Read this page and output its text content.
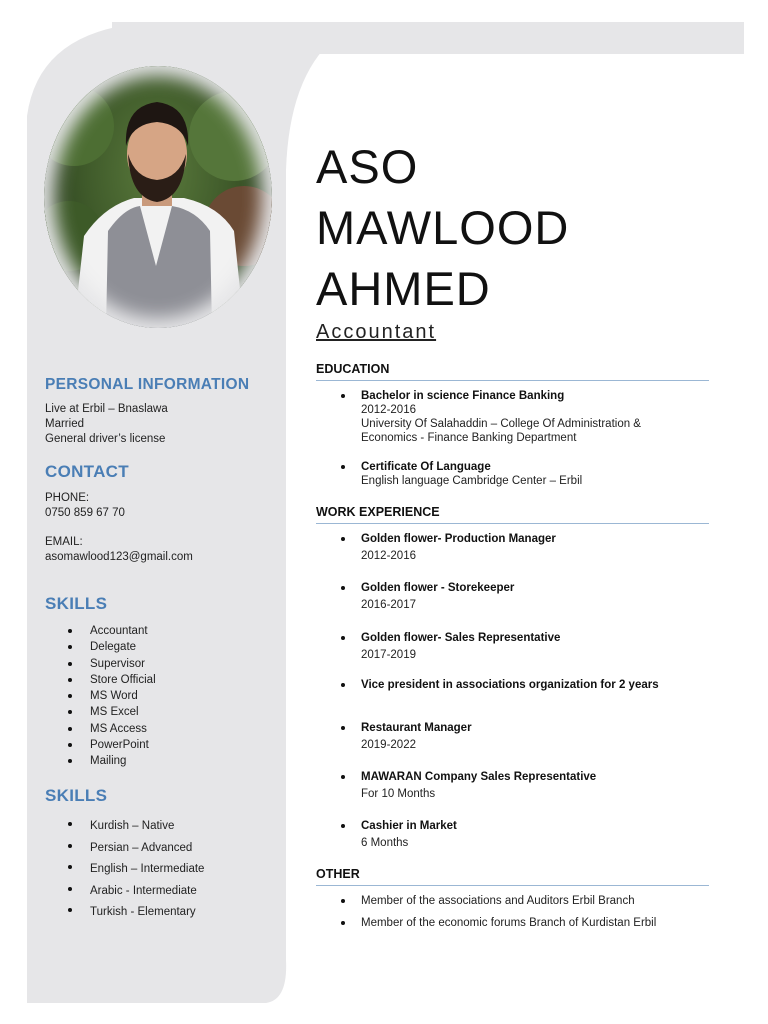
PERSONAL INFORMATION

Live at Erbil – Bnaslawa

Married

General driver’s license

CONTACT

PHONE:

0750 859 67 70

EMAIL:

asomawlood123@gmail.com

SKILLS
Accountant
Delegate
Supervisor
Store Official
MS Word
MS Excel
MS Access
PowerPoint
Mailing
SKILLS
Kurdish – Native
Persian – Advanced
English – Intermediate
Arabic - Intermediate
Turkish - Elementary
ASO
MAWLOOD
AHMED
Accountant
EDUCATION
Bachelor in science Finance Banking
2012-2016
University Of Salahaddin – College Of Administration &
Economics - Finance Banking Department
Certificate Of Language
English language Cambridge Center – Erbil
WORK EXPERIENCE
Golden flower- Production Manager
2012-2016
Golden flower - Storekeeper
2016-2017
Golden flower- Sales Representative
2017-2019
Vice president in associations organization for 2 years
Restaurant Manager
2019-2022
MAWARAN Company Sales Representative
For 10 Months
Cashier in Market
6 Months
OTHER
Member of the associations and Auditors Erbil Branch
Member of the economic forums Branch of Kurdistan Erbil
